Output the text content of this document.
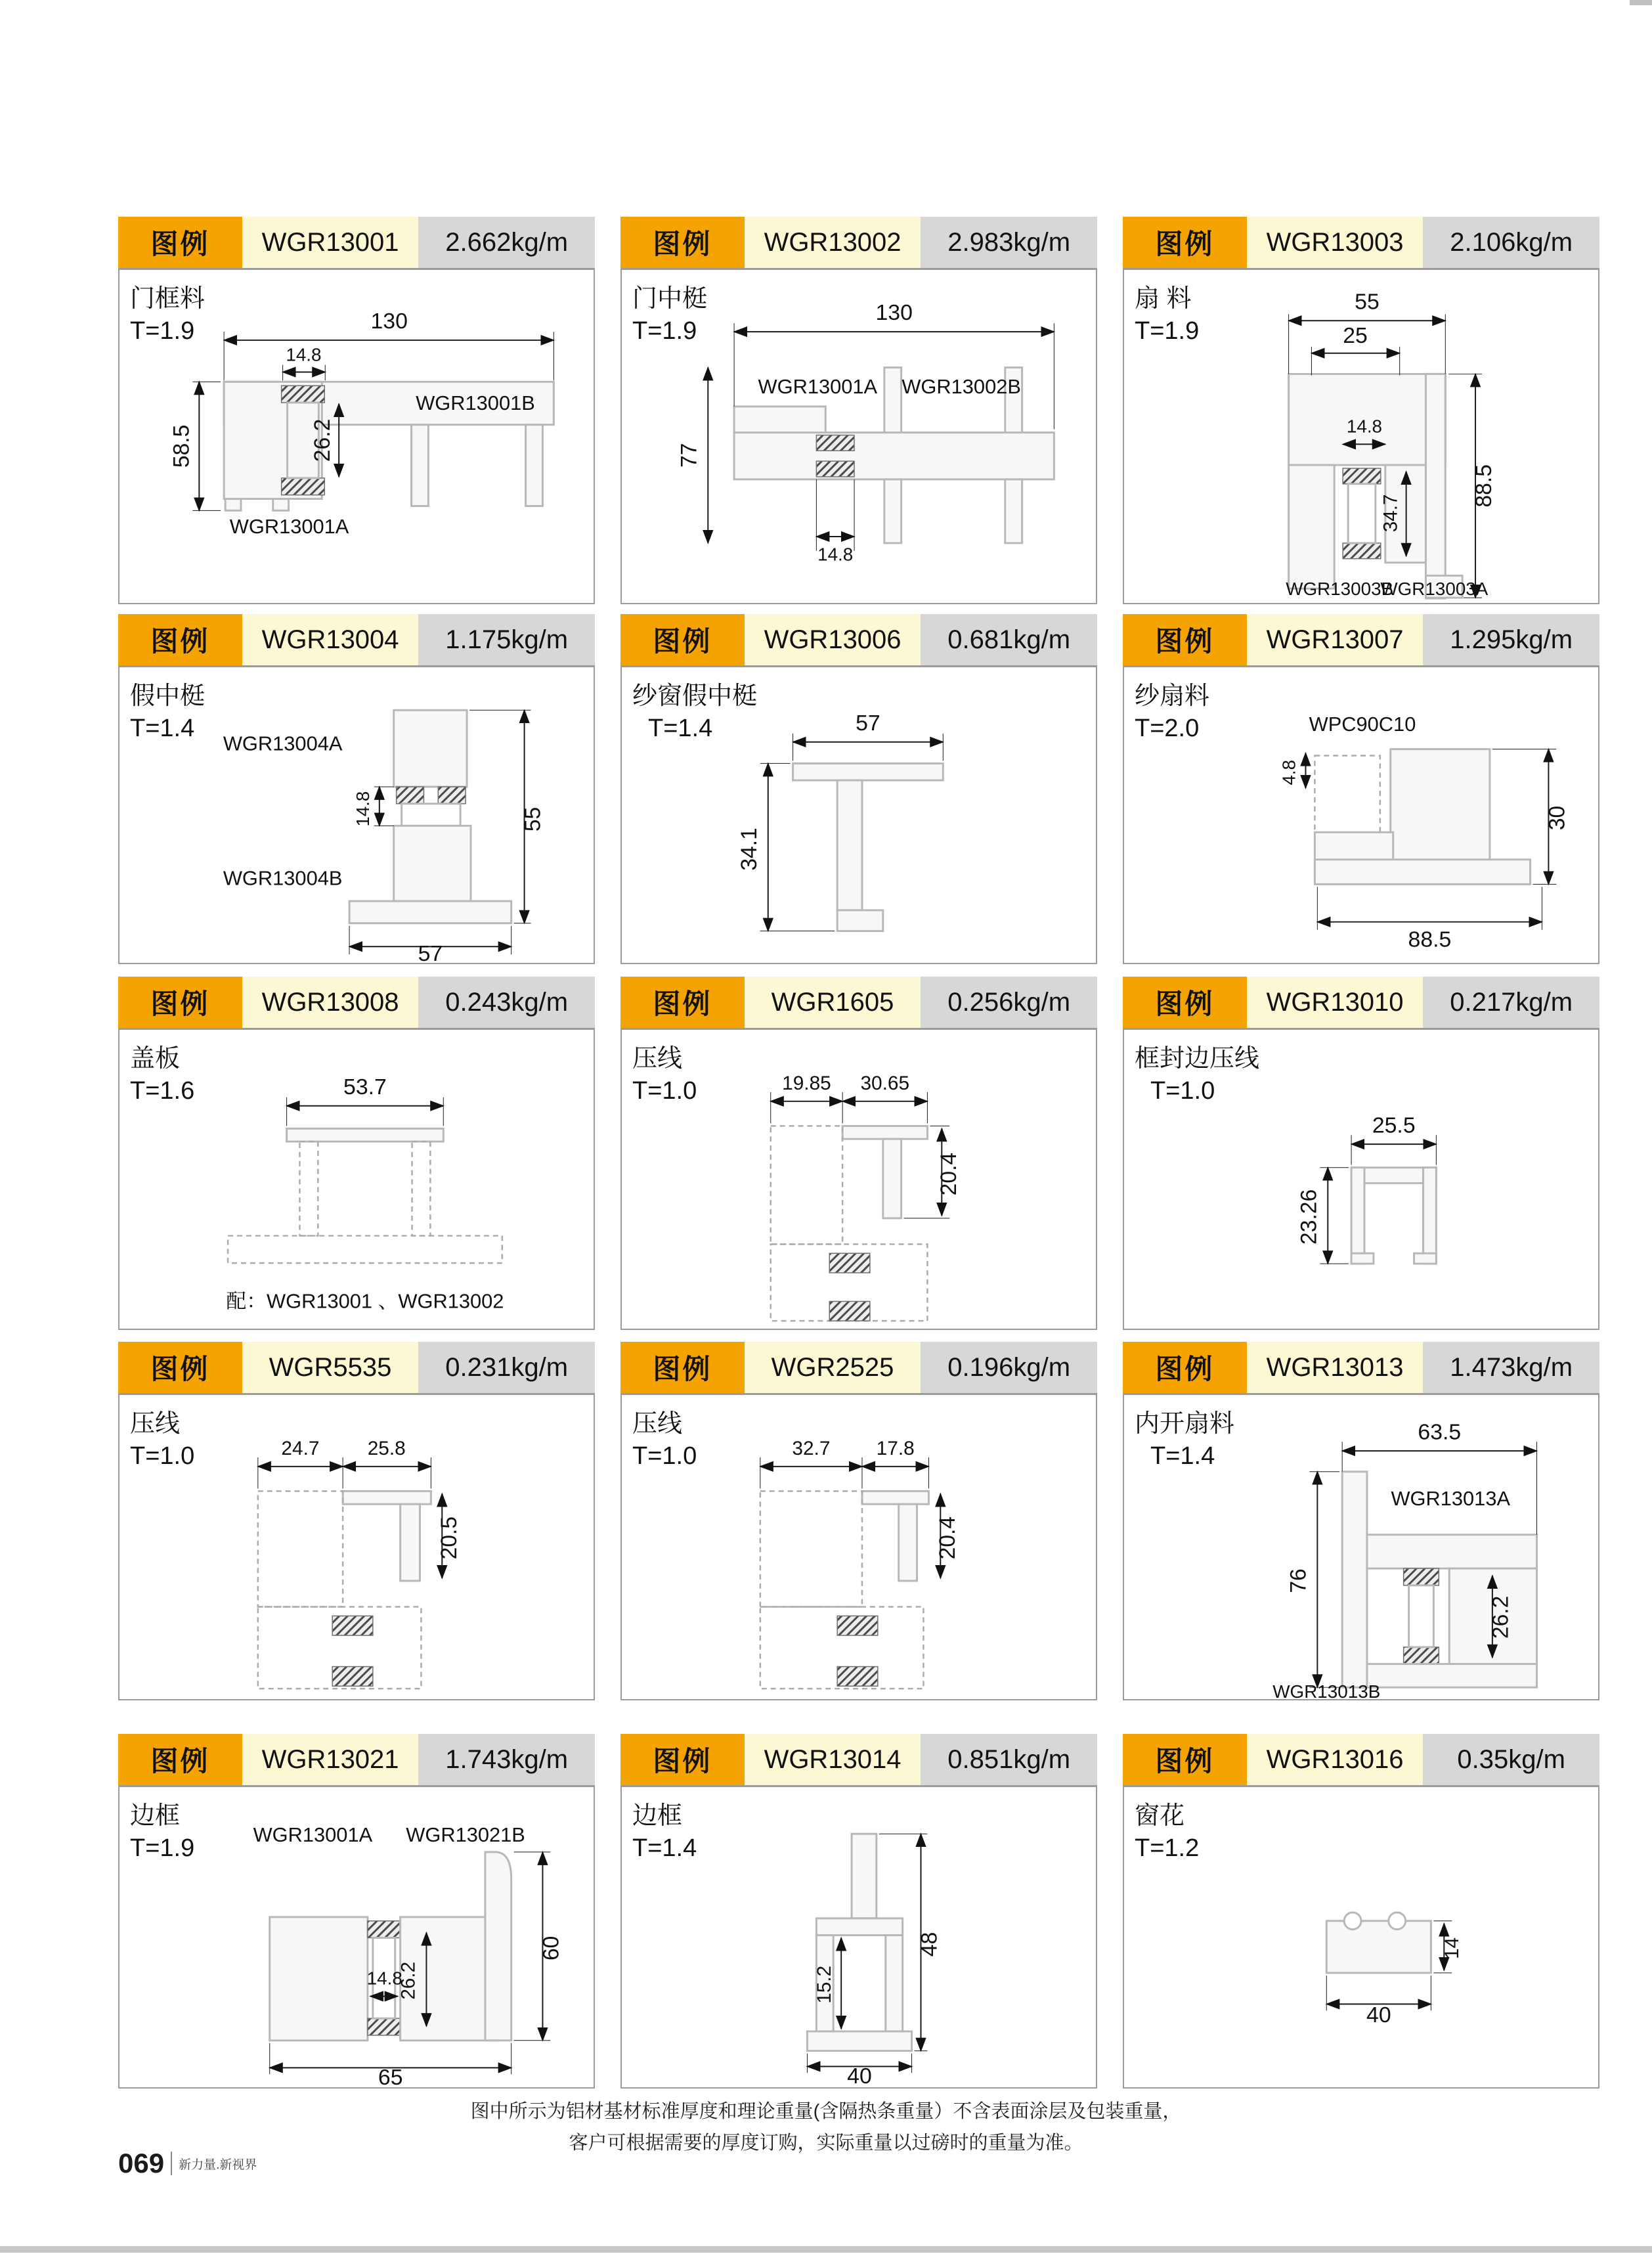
图例	WGR13001	2.662kg/m
130
14.8
26.2
58.5
WGR13001B
WGR13001A
门框料
T=1.9
图例	WGR13002	2.983kg/m
130
WGR13001A WGR13002B
77
14.8
门中梃
T=1.9
图例	WGR13003	2.106kg/m
55
25
14.8
34.7
88.5
WGR13003B
WGR13003A
扇 料
T=1.9
图例	WGR13004	1.175kg/m
WGR13004A
WGR13004B
14.8	55
57
假中梃
T=1.4
图例	WGR13006	0.681kg/m
57
34.1
纱窗假中梃
T=1.4
图例	WGR13007	1.295kg/m
WPC90C10
4.8
30
88.5
纱扇料
T=2.0
图例	WGR13008	0.243kg/m
53.7
配：WGR13001 、WGR13002
盖板
T=1.6
图例	WGR1605	0.256kg/m
19.85 30.65
20.4
压线
T=1.0
图例	WGR13010	0.217kg/m
25.5
23.26
框封边压线
T=1.0
图例	WGR5535	0.231kg/m
24.7 25.8
20.5
压线
T=1.0
图例	WGR2525	0.196kg/m
32.7 17.8
20.4
压线
T=1.0
图例	WGR13013	1.473kg/m
63.5
WGR13013A
76
26.2
WGR13013B
内开扇料
T=1.4
图例	WGR13021	1.743kg/m
WGR13001A WGR13021B
14.8
26.2
60
65
边框
T=1.9
图例	WGR13014	0.851kg/m
15.2
48
40
边框
T=1.4
图例	WGR13016	0.35kg/m
14
40
窗花
T=1.2
图中所示为铝材基材标准厚度和理论重量(含隔热条重量）不含表面涂层及包装重量，
客户可根据需要的厚度订购，实际重量以过磅时的重量为准。
069 新力量.新视界
